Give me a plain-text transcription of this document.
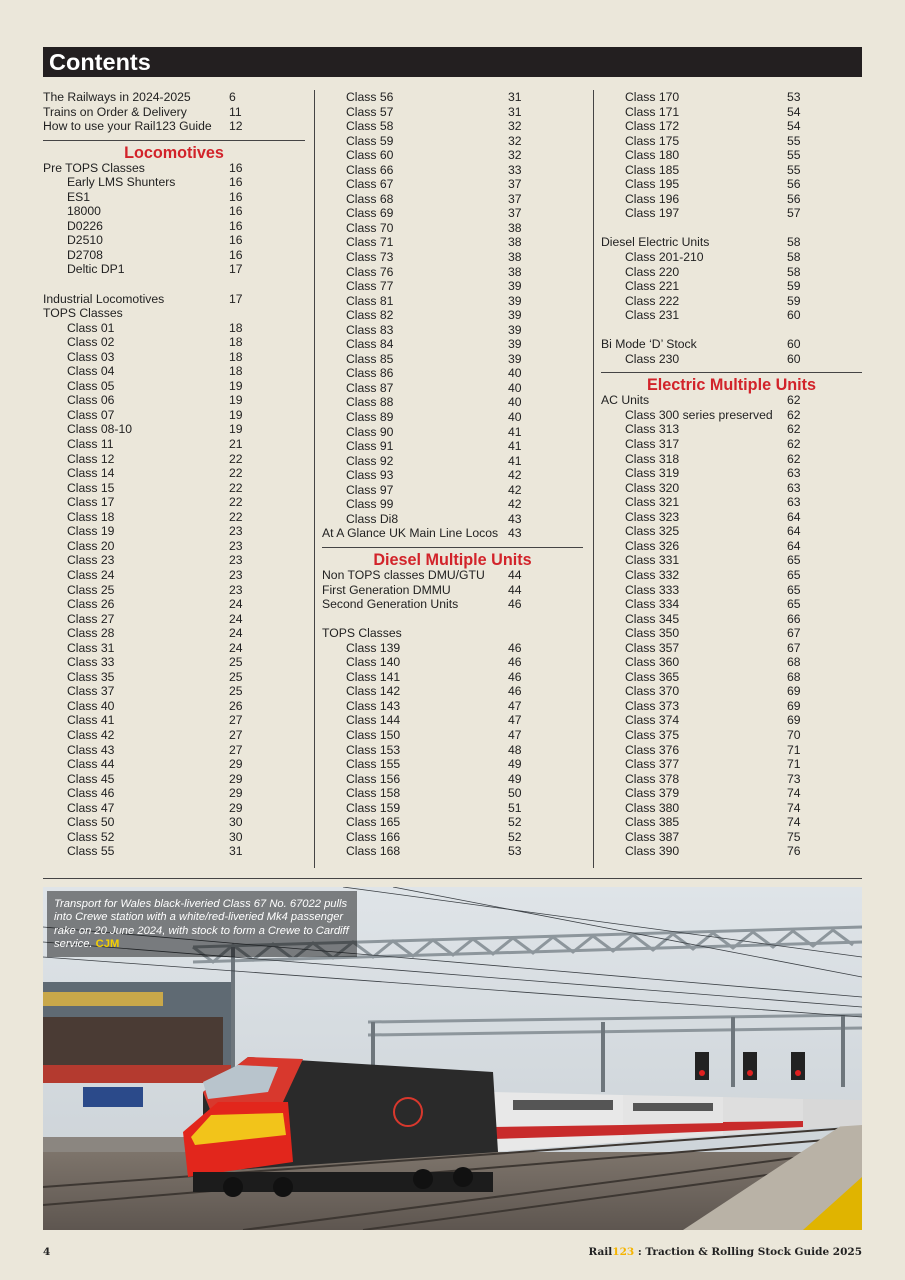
Contents
The Railways in 2024-2025	6
Trains on Order & Delivery	11
How to use your Rail123 Guide 12
Locomotives
Pre TOPS Classes	16
Early LMS Shunters	16
ES1	16
18000	16
D0226	16
D2510	16
D2708	16
Deltic DP1	17
Industrial Locomotives	17
TOPS Classes
Class 01	18
Class 02	18
Class 03	18
Class 04	18
Class 05	19
Class 06	19
Class 07	19
Class 08-10	19
Class 11	21
Class 12	22
Class 14	22
Class 15	22
Class 17	22
Class 18	22
Class 19	23
Class 20	23
Class 23	23
Class 24	23
Class 25	23
Class 26	24
Class 27	24
Class 28	24
Class 31	24
Class 33	25
Class 35	25
Class 37	25
Class 40	26
Class 41	27
Class 42	27
Class 43	27
Class 44	29
Class 45	29
Class 46	29
Class 47	29
Class 50	30
Class 52	30
Class 55	31
Class 56	31
Class 57	31
Class 58	32
Class 59	32
Class 60	32
Class 66	33
Class 67	37
Class 68	37
Class 69	37
Class 70	38
Class 71	38
Class 73	38
Class 76	38
Class 77	39
Class 81	39
Class 82	39
Class 83	39
Class 84	39
Class 85	39
Class 86	40
Class 87	40
Class 88	40
Class 89	40
Class 90	41
Class 91	41
Class 92	41
Class 93	42
Class 97	42
Class 99	42
Class Di8	43
At A Glance UK Main Line Locos 43
Diesel Multiple Units
Non TOPS classes DMU/GTU 44
First Generation DMMU	44
Second Generation Units	46
TOPS Classes
Class 139	46
Class 140	46
Class 141	46
Class 142	46
Class 143	47
Class 144	47
Class 150	47
Class 153	48
Class 155	49
Class 156	49
Class 158	50
Class 159	51
Class 165	52
Class 166	52
Class 168	53
Class 170	53
Class 171	54
Class 172	54
Class 175	55
Class 180	55
Class 185	55
Class 195	56
Class 196	56
Class 197	57
Diesel Electric Units	58
Class 201-210	58
Class 220	58
Class 221	59
Class 222	59
Class 231	60
Bi Mode ‘D’ Stock	60
Class 230	60
Electric Multiple Units
AC Units	62
Class 300 series preserved 62
Class 313	62
Class 317	62
Class 318	62
Class 319	63
Class 320	63
Class 321	63
Class 323	64
Class 325	64
Class 326	64
Class 331	65
Class 332	65
Class 333	65
Class 334	65
Class 345	66
Class 350	67
Class 357	67
Class 360	68
Class 365	68
Class 370	69
Class 373	69
Class 374	69
Class 375	70
Class 376	71
Class 377	71
Class 378	73
Class 379	74
Class 380	74
Class 385	74
Class 387	75
Class 390	76
Transport for Wales black-liveried Class 67 No. 67022 pulls into Crewe station with a white/red-liveried Mk4 passenger rake on 20 June 2024, with stock to form a Crewe to Cardiff service. CJM
4	Rail123 : Traction & Rolling Stock Guide 2025
